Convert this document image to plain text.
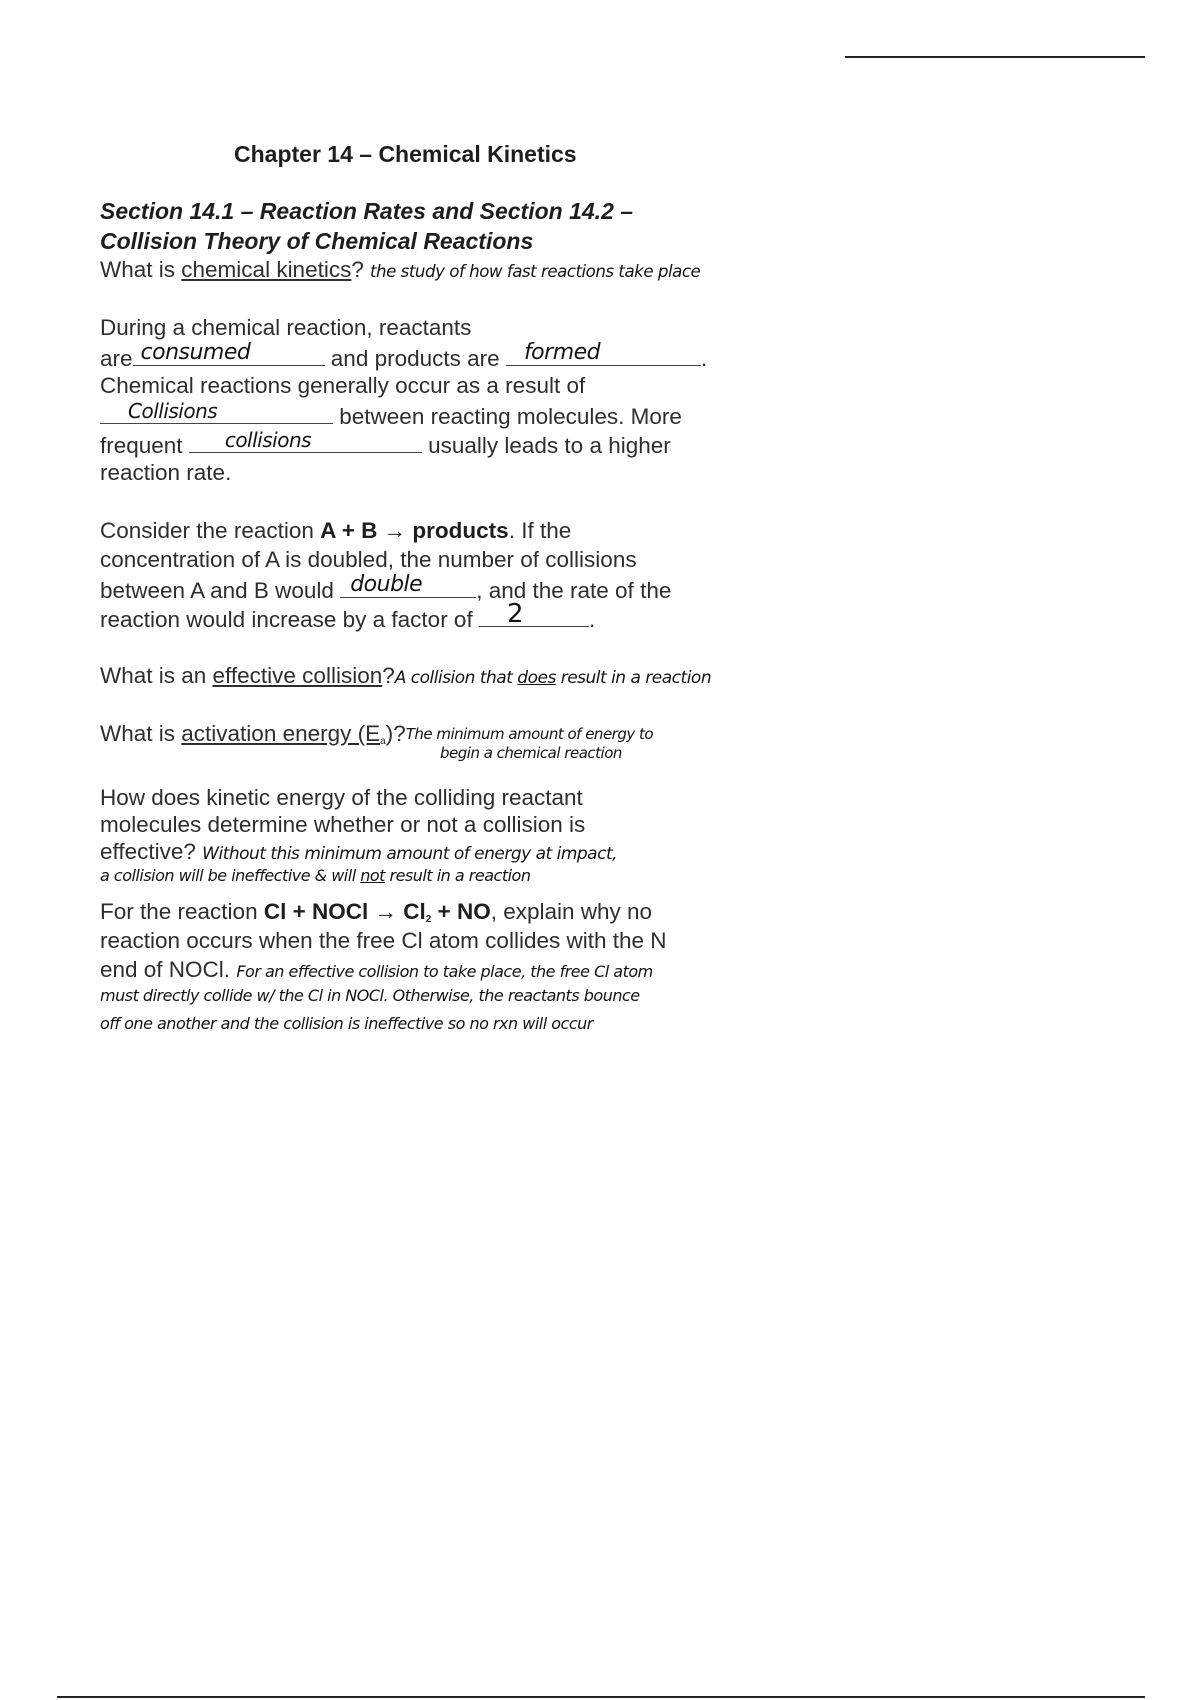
Chapter 14 – Chemical Kinetics
Section 14.1 – Reaction Rates and Section 14.2 –
Collision Theory of Chemical Reactions
What is chemical kinetics? the study of how fast reactions take place
During a chemical reaction, reactants
are consumed	and products are formed	.
Chemical reactions generally occur as a result of
Collisions	between reacting molecules. More
frequent collisions	usually leads to a higher
reaction rate.
Consider the reaction A + B → products. If the
concentration of A is doubled, the number of collisions
between A and B would double , and the rate of the
reaction would increase by a factor of 2	.
What is an effective collision?A collision that does result in a reaction
What is activation energy $(E_a)?The$ minimum amount of energy to
begin a chemical reaction
How does kinetic energy of the colliding reactant
molecules determine whether or not a collision is
effective? Without this minimum amount of energy at impact,
a collision will be ineffective & will not result in a reaction
For the reaction Cl + NOCl → $Cl_2$ + NO, explain why no
reaction occurs when the free Cl atom collides with the N
end of NOCl. For an effective collision to take place, the free Cl atom
must directly collide w/ the Cl in NOCl. Otherwise, the reactants bounce
off one another and the collision is ineffective so no rxn will occur
